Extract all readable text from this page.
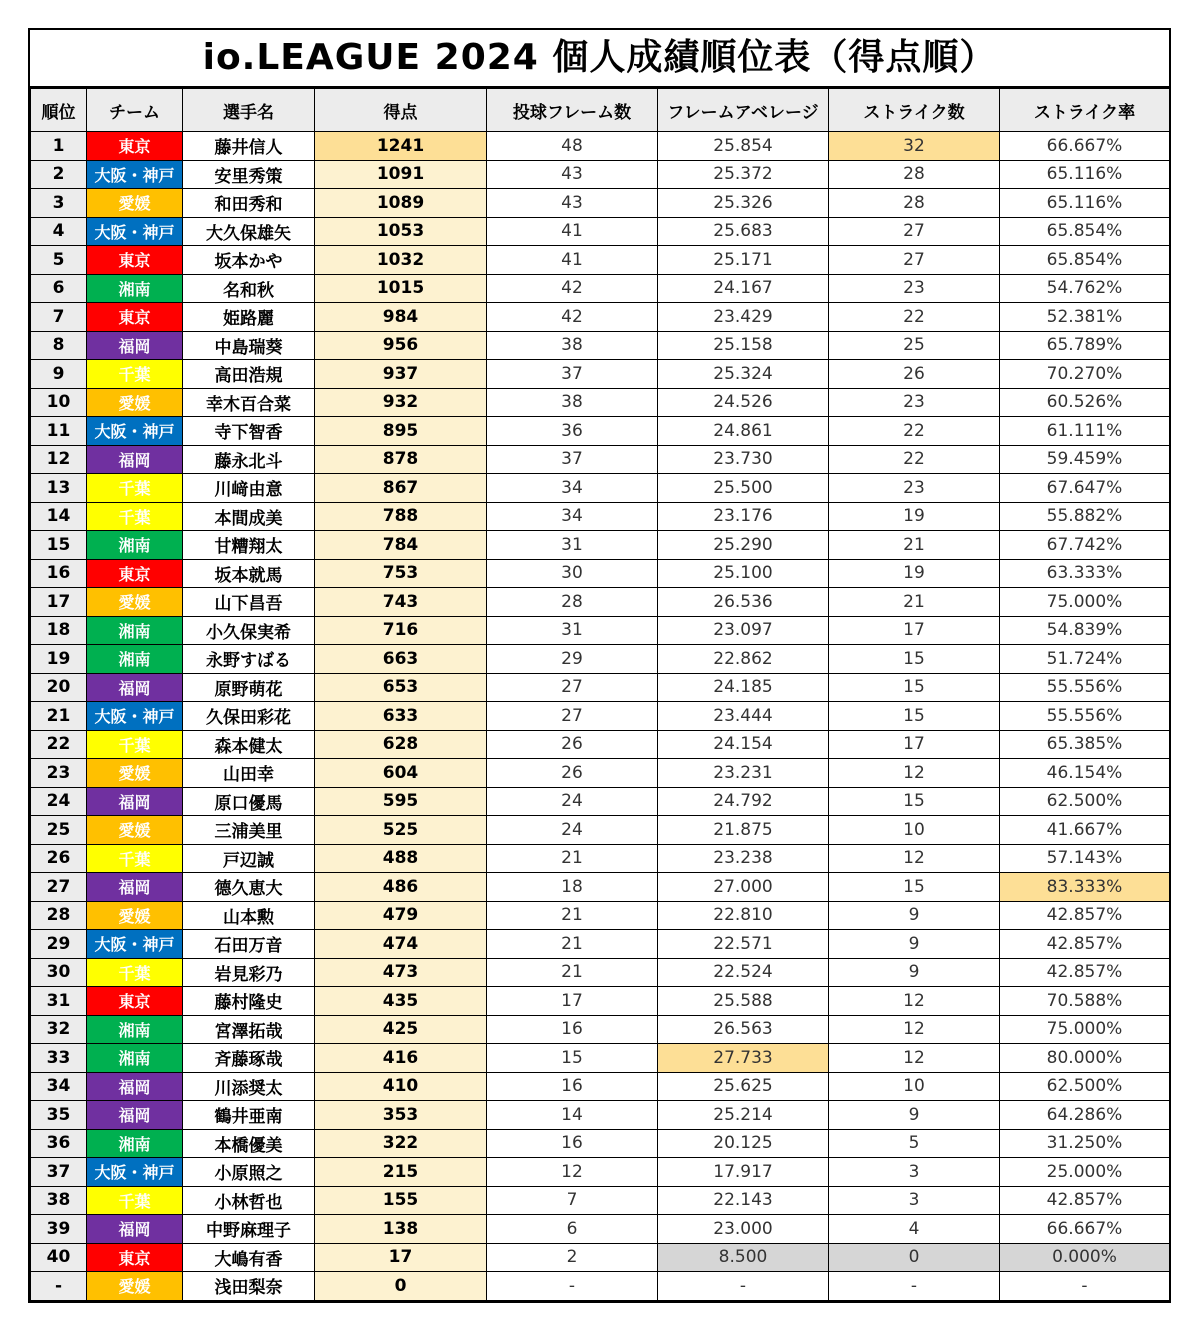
io.LEAGUE 2024 個人成績順位表（得点順）
順位	チーム	選手名	得点	投球フレーム数	フレームアベレージ	ストライク数	ストライク率
1	東京	藤井信人	1241	48	25.854	32	66.667%
2	大阪・神戸	安里秀策	1091	43	25.372	28	65.116%
3	愛媛	和田秀和	1089	43	25.326	28	65.116%
4	大阪・神戸	大久保雄矢	1053	41	25.683	27	65.854%
5	東京	坂本かや	1032	41	25.171	27	65.854%
6	湘南	名和秋	1015	42	24.167	23	54.762%
7	東京	姫路麗	984	42	23.429	22	52.381%
8	福岡	中島瑞葵	956	38	25.158	25	65.789%
9	千葉	高田浩規	937	37	25.324	26	70.270%
10	愛媛	幸木百合菜	932	38	24.526	23	60.526%
11	大阪・神戸	寺下智香	895	36	24.861	22	61.111%
12	福岡	藤永北斗	878	37	23.730	22	59.459%
13	千葉	川﨑由意	867	34	25.500	23	67.647%
14	千葉	本間成美	788	34	23.176	19	55.882%
15	湘南	甘糟翔太	784	31	25.290	21	67.742%
16	東京	坂本就馬	753	30	25.100	19	63.333%
17	愛媛	山下昌吾	743	28	26.536	21	75.000%
18	湘南	小久保実希	716	31	23.097	17	54.839%
19	湘南	永野すばる	663	29	22.862	15	51.724%
20	福岡	原野萌花	653	27	24.185	15	55.556%
21	大阪・神戸	久保田彩花	633	27	23.444	15	55.556%
22	千葉	森本健太	628	26	24.154	17	65.385%
23	愛媛	山田幸	604	26	23.231	12	46.154%
24	福岡	原口優馬	595	24	24.792	15	62.500%
25	愛媛	三浦美里	525	24	21.875	10	41.667%
26	千葉	戸辺誠	488	21	23.238	12	57.143%
27	福岡	德久恵大	486	18	27.000	15	83.333%
28	愛媛	山本勲	479	21	22.810	9	42.857%
29	大阪・神戸	石田万音	474	21	22.571	9	42.857%
30	千葉	岩見彩乃	473	21	22.524	9	42.857%
31	東京	藤村隆史	435	17	25.588	12	70.588%
32	湘南	宮澤拓哉	425	16	26.563	12	75.000%
33	湘南	斉藤琢哉	416	15	27.733	12	80.000%
34	福岡	川添奨太	410	16	25.625	10	62.500%
35	福岡	鶴井亜南	353	14	25.214	9	64.286%
36	湘南	本橋優美	322	16	20.125	5	31.250%
37	大阪・神戸	小原照之	215	12	17.917	3	25.000%
38	千葉	小林哲也	155	7	22.143	3	42.857%
39	福岡	中野麻理子	138	6	23.000	4	66.667%
40	東京	大嶋有香	17	2	8.500	0	0.000%
-	愛媛	浅田梨奈	0	-	-	-	-
